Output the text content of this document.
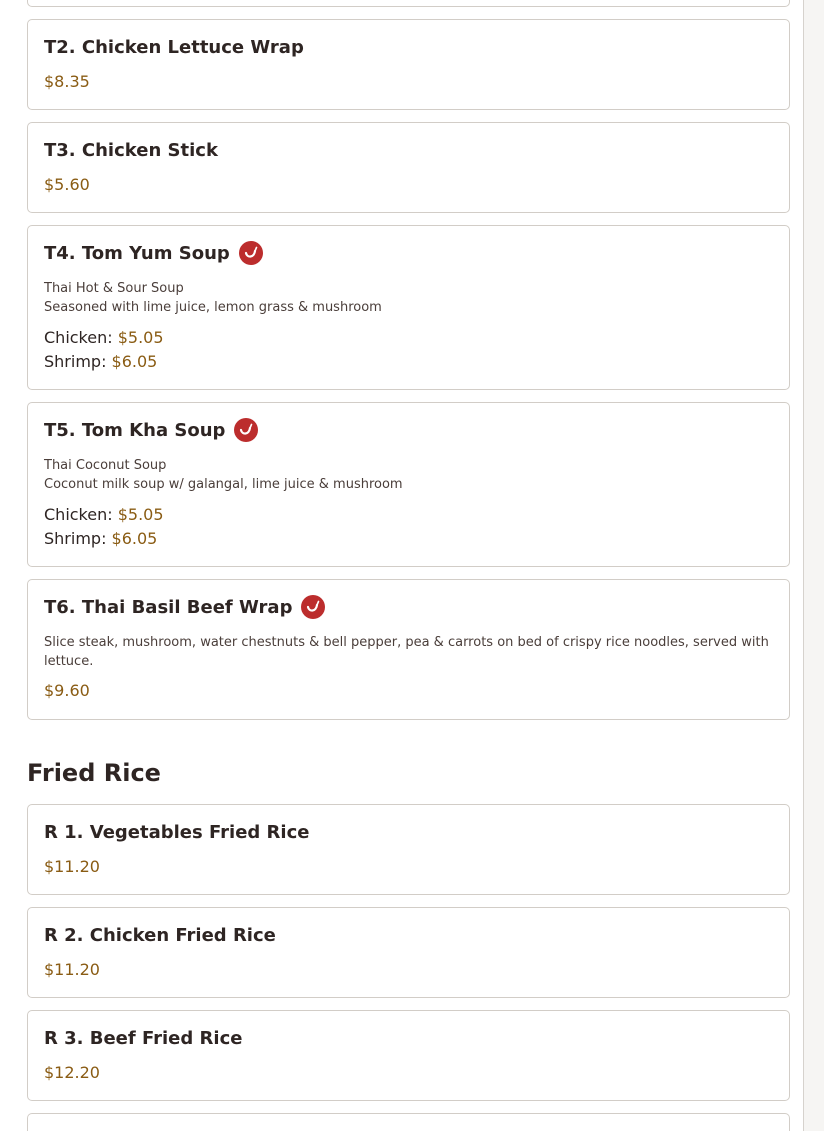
T2. Chicken Lettuce Wrap
$8.35
T3. Chicken Stick
$5.60
T4. Tom Yum Soup
Thai Hot & Sour Soup
Seasoned with lime juice, lemon grass & mushroom
Chicken: $5.05
Shrimp: $6.05
T5. Tom Kha Soup
Thai Coconut Soup
Coconut milk soup w/ galangal, lime juice & mushroom
Chicken: $5.05
Shrimp: $6.05
T6. Thai Basil Beef Wrap
Slice steak, mushroom, water chestnuts & bell pepper, pea & carrots on bed of crispy rice noodles, served with
lettuce.
$9.60
Fried Rice
R 1. Vegetables Fried Rice
$11.20
R 2. Chicken Fried Rice
$11.20
R 3. Beef Fried Rice
$12.20
